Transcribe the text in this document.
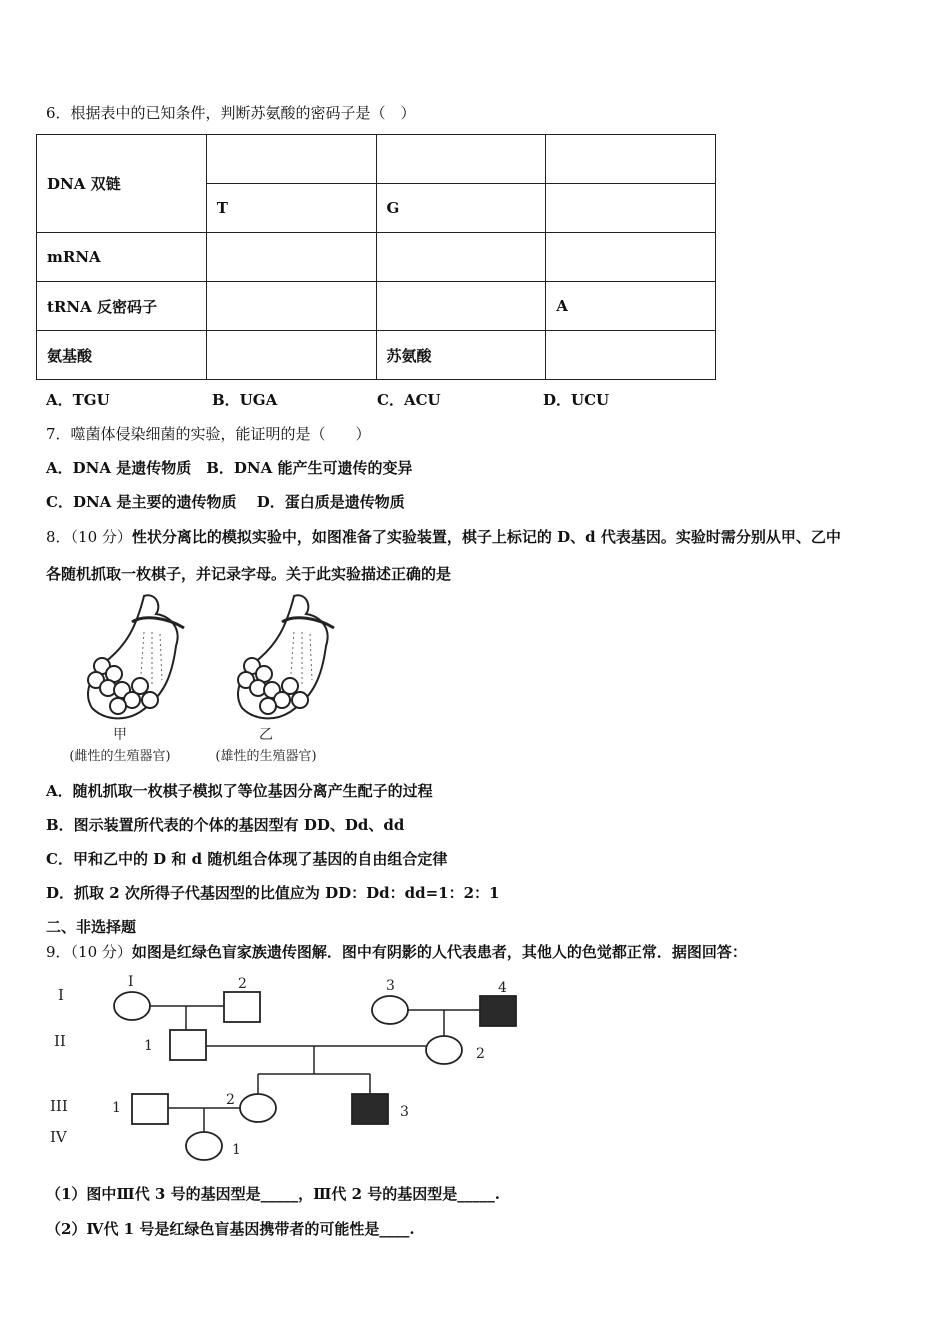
6．根据表中的已知条件，判断苏氨酸的密码子是（　）
DNA 双链			
	T	G	
mRNA			
tRNA 反密码子			A
氨基酸		苏氨酸	
A．TGU	B．UGA	C．ACU	D．UCU
7．噬菌体侵染细菌的实验，能证明的是（　　）
A．DNA 是遗传物质　B．DNA 能产生可遗传的变异
C．DNA 是主要的遗传物质　 D．蛋白质是遗传物质
8．（10 分）性状分离比的模拟实验中，如图准备了实验装置，棋子上标记的 D、d 代表基因。实验时需分别从甲、乙中
各随机抓取一枚棋子，并记录字母。关于此实验描述正确的是
甲
(雌性的生殖器官)
乙
(雄性的生殖器官)
A．随机抓取一枚棋子模拟了等位基因分离产生配子的过程
B．图示装置所代表的个体的基因型有 DD、Dd、dd
C．甲和乙中的 D 和 d 随机组合体现了基因的自由组合定律
D．抓取 2 次所得子代基因型的比值应为 DD：Dd：dd=1：2：1
二、非选择题
9．（10 分）如图是红绿色盲家族遗传图解．图中有阴影的人代表患者，其他人的色觉都正常．据图回答：
I
II
III
IV
I	2	3	4
1	2
1	2
3
1
（1）图中Ⅲ代 3 号的基因型是_____，Ⅲ代 2 号的基因型是_____.
（2）Ⅳ代 1 号是红绿色盲基因携带者的可能性是____.
